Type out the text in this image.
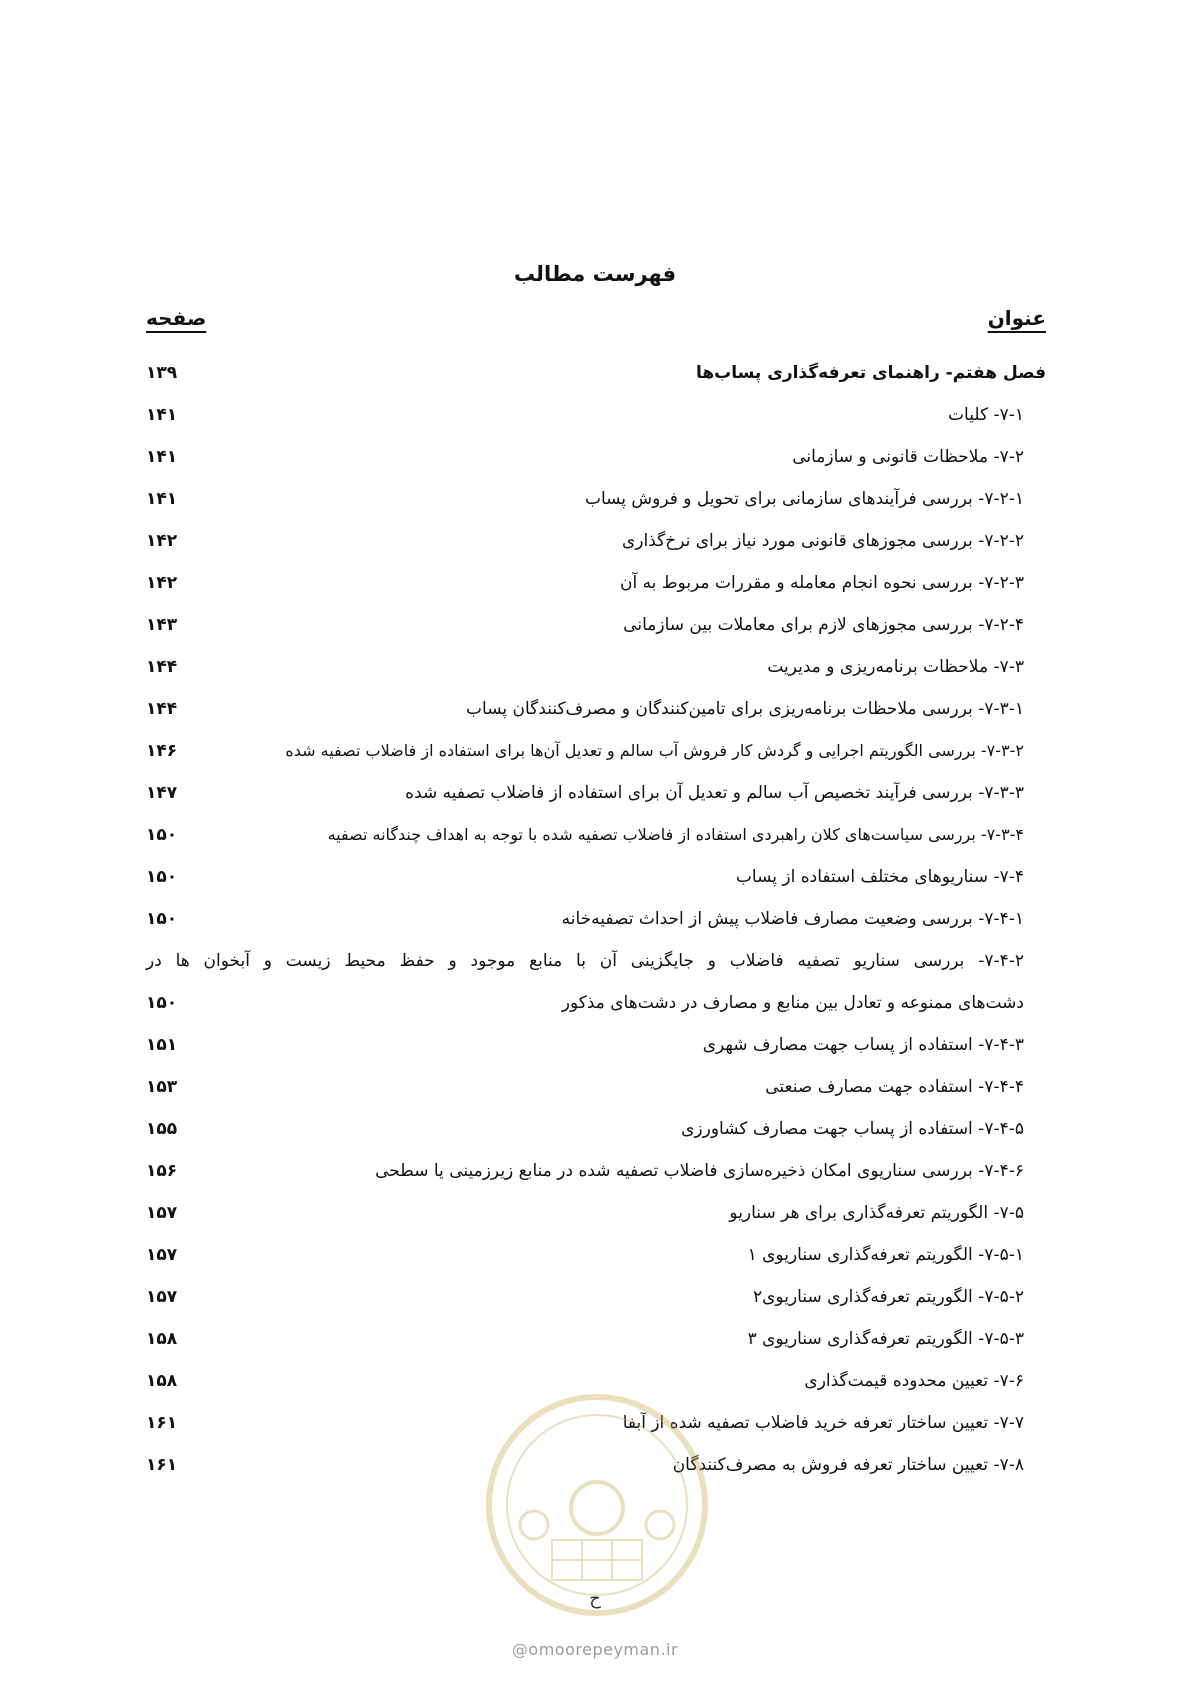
فهرست مطالب
عنوان
صفحه
فصل هفتم- راهنمای تعرفه‌گذاری پساب‌ها
۱۳۹
۷-۱- کلیات
۱۴۱
۷-۲- ملاحظات قانونی و سازمانی
۱۴۱
۷-۲-۱- بررسی فرآیندهای سازمانی برای تحویل و فروش پساب
۱۴۱
۷-۲-۲- بررسی مجوزهای قانونی مورد نیاز برای نرخ‌گذاری
۱۴۲
۷-۲-۳- بررسی نحوه انجام معامله و مقررات مربوط به آن
۱۴۲
۷-۲-۴- بررسی مجوزهای لازم برای معاملات بین سازمانی
۱۴۳
۷-۳- ملاحظات برنامه‌ریزی و مدیریت
۱۴۴
۷-۳-۱- بررسی ملاحظات برنامه‌ریزی برای تامین‌کنندگان و مصرف‌کنندگان پساب
۱۴۴
۷-۳-۲- بررسی الگوریتم اجرایی و گردش کار فروش آب سالم و تعدیل آن‌ها برای استفاده از فاضلاب تصفیه شده
۱۴۶
۷-۳-۳- بررسی فرآیند تخصیص آب سالم و تعدیل آن برای استفاده از فاضلاب تصفیه شده
۱۴۷
۷-۳-۴- بررسی سیاست‌های کلان راهبردی استفاده از فاضلاب تصفیه شده با توجه به اهداف چندگانه تصفیه
۱۵۰
۷-۴- سناریوهای مختلف استفاده از پساب
۱۵۰
۷-۴-۱- بررسی وضعیت مصارف فاضلاب پیش از احداث تصفیه‌خانه
۱۵۰
۷-۴-۲- بررسی سناریو تصفیه فاضلاب و جایگزینی آن با منابع موجود و حفظ محیط زیست و آبخوان ها در
دشت‌های ممنوعه و تعادل بین منابع و مصارف در دشت‌های مذکور
۱۵۰
۷-۴-۳- استفاده از پساب جهت مصارف شهری
۱۵۱
۷-۴-۴- استفاده جهت مصارف صنعتی
۱۵۳
۷-۴-۵- استفاده از پساب جهت مصارف کشاورزی
۱۵۵
۷-۴-۶- بررسی سناریوی امکان ذخیره‌سازی فاضلاب تصفیه شده در منابع زیرزمینی یا سطحی
۱۵۶
۷-۵- الگوریتم تعرفه‌گذاری برای هر سناریو
۱۵۷
۷-۵-۱- الگوریتم تعرفه‌گذاری سناریوی ۱
۱۵۷
۷-۵-۲- الگوریتم تعرفه‌گذاری سناریوی۲
۱۵۷
۷-۵-۳- الگوریتم تعرفه‌گذاری سناریوی ۳
۱۵۸
۷-۶- تعیین محدوده قیمت‌گذاری
۱۵۸
۷-۷- تعیین ساختار تعرفه خرید فاضلاب تصفیه شده از آبفا
۱۶۱
۷-۸- تعیین ساختار تعرفه فروش به مصرف‌کنندگان
۱۶۱
ح
@omoorepeyman.ir
